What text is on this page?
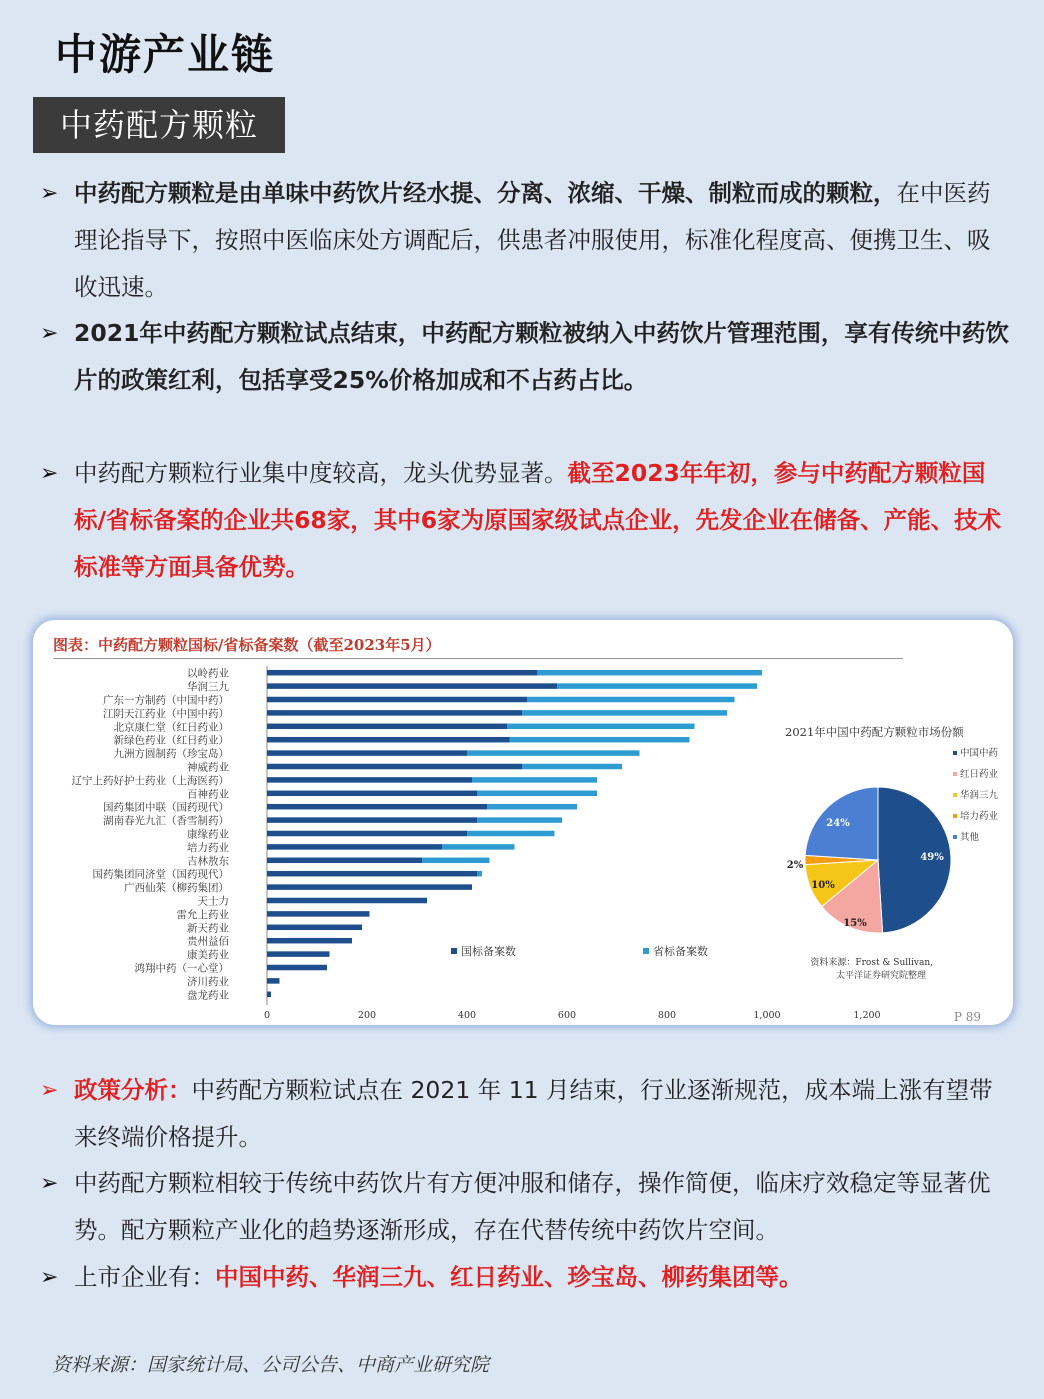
中游产业链
中药配方颗粒
➢ 中药配方颗粒是由单味中药饮片经水提、分离、浓缩、干燥、制粒而成的颗粒，在中医药理论指导下，按照中医临床处方调配后，供患者冲服使用，标准化程度高、便携卫生、吸收迅速。
➢ 2021年中药配方颗粒试点结束，中药配方颗粒被纳入中药饮片管理范围，享有传统中药饮片的政策红利，包括享受25%价格加成和不占药占比。
➢ 中药配方颗粒行业集中度较高，龙头优势显著。截至2023年年初，参与中药配方颗粒国标/省标备案的企业共68家，其中6家为原国家级试点企业，先发企业在储备、产能、技术标准等方面具备优势。
图表：中药配方颗粒国标/省标备案数（截至2023年5月）
以岭药业
华润三九
广东一方制药（中国中药）
江阴天江药业（中国中药）
北京康仁堂（红日药业）
新绿色药业（红日药业）
九洲方圆制药（珍宝岛）
神威药业
辽宁上药好护士药业（上海医药）
百神药业
国药集团中联（国药现代）
湖南春光九汇（香雪制药）
康缘药业
培力药业
吉林敖东
国药集团同济堂（国药现代）
广西仙茱（柳药集团）
天士力
雷允上药业
新天药业
贵州益佰
康美药业
鸿翔中药（一心堂）
济川药业
盘龙药业
0	200	400	600	800	1,000	1,200
国标备案数	省标备案数
P 89
2021年中国中药配方颗粒市场份额
中国中药
红日药业
华润三九
培力药业
其他
49%
15%
10%
2%
24%
资料来源：Frost & Sullivan,
太平洋证券研究院整理
➢ 政策分析：中药配方颗粒试点在 2021 年 11 月结束，行业逐渐规范，成本端上涨有望带来终端价格提升。
➢ 中药配方颗粒相较于传统中药饮片有方便冲服和储存，操作简便，临床疗效稳定等显著优势。配方颗粒产业化的趋势逐渐形成，存在代替传统中药饮片空间。
➢ 上市企业有：中国中药、华润三九、红日药业、珍宝岛、柳药集团等。
资料来源：国家统计局、公司公告、中商产业研究院
